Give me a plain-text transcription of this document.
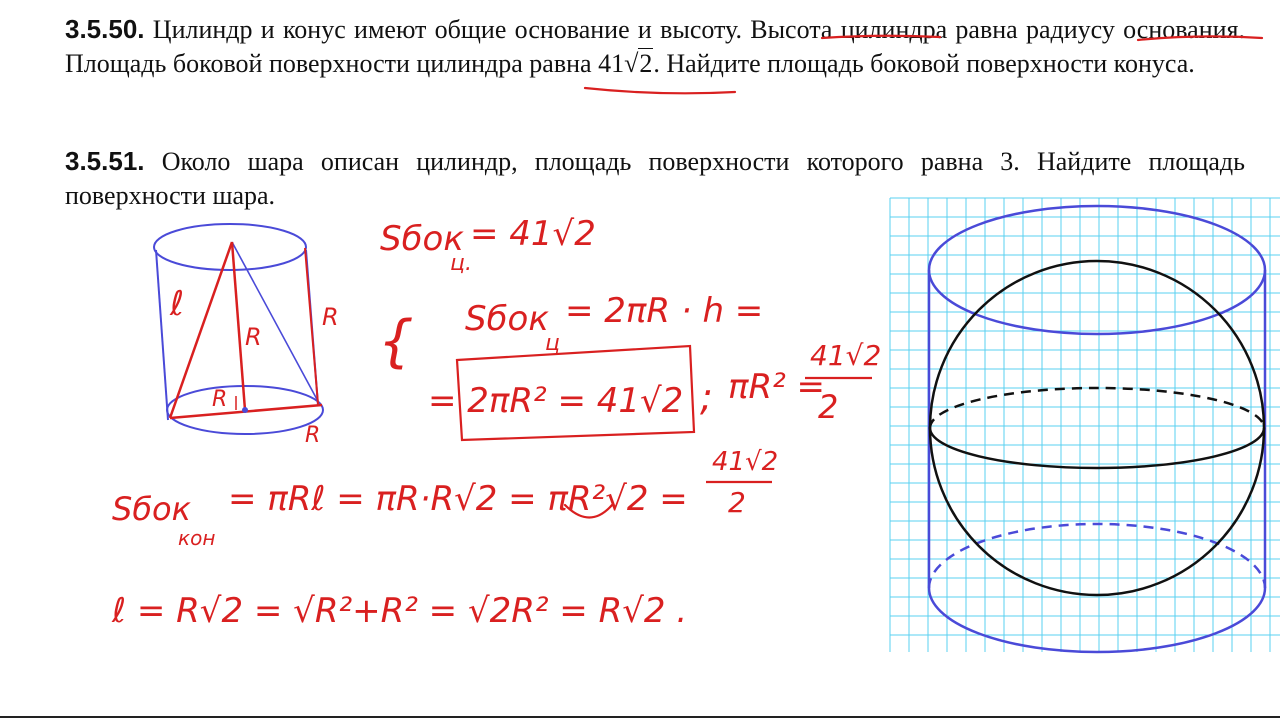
3.5.50. Цилиндр и конус имеют общие основание и высоту. Высота цилиндра равна радиусу основания. Площадь боковой поверхности цилиндра равна 41√2. Найдите площадь боковой поверхности конуса.

3.5.51. Около шара описан цилиндр, площадь поверхности которого равна 3. Найдите площадь поверхности шара.

ℓ
R
R
R
R
Sбок
ц.
= 41√2
{ Sбок
ц
= 2πR · h =
= 2πR² = 41√2 ; πR² =
41√2
2
Sбок
кон
= πRℓ = πR·R√2 = πR²√2 =
41√2
2
ℓ = R√2 = √R²+R² = √2R² = R√2 .
